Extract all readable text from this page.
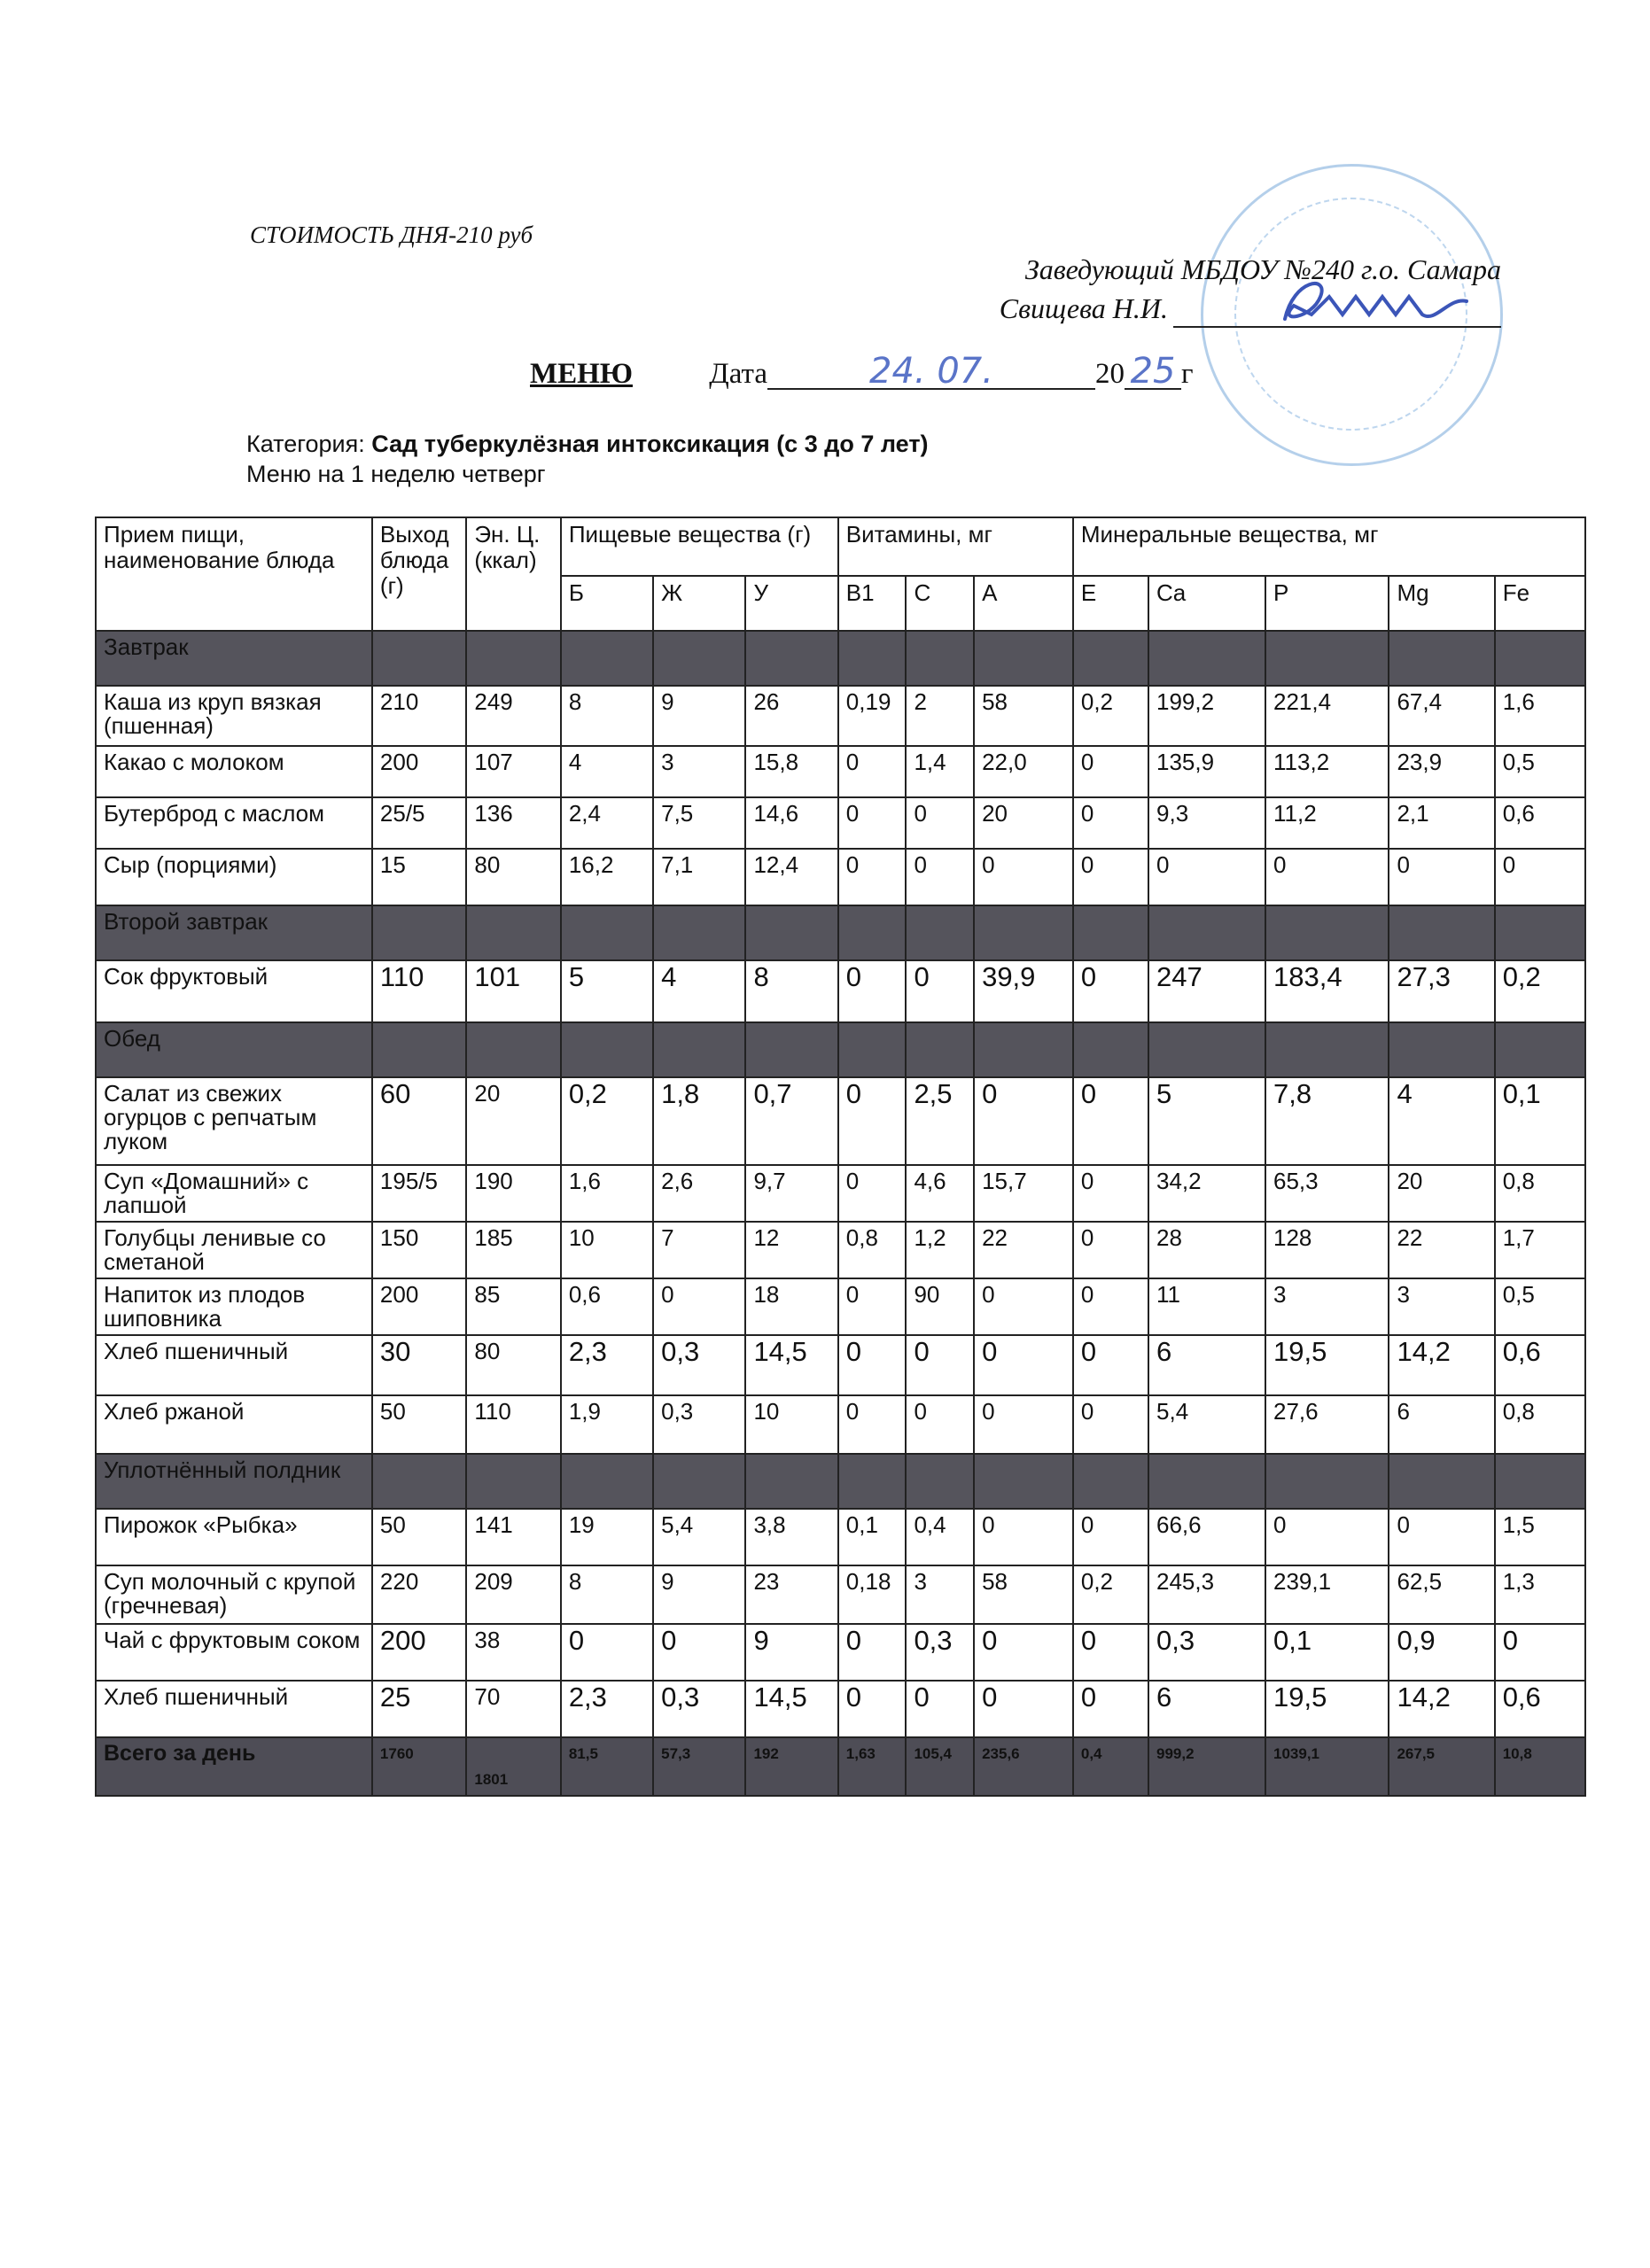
СТОИМОСТЬ ДНЯ-210 руб
Заведующий МБДОУ №240 г.о. Самара
Свищева Н.И.
МЕНЮ	Дата	24. 07.	20 25 г
Категория: Сад туберкулёзная интоксикация (с 3 до 7 лет)
Меню на 1 неделю четверг
Прием пищи, наименование блюда	Выход блюда (г)	Эн. Ц.(ккал)	Пищевые вещества (г)			Витамины, мг			Минеральные вещества, мг				
			Б	Ж	У	B1	C	A	E	Ca	P	Mg	Fe
Завтрак													
Каша из круп вязкая (пшенная)	210	249	8	9	26	0,19	2	58	0,2	199,2	221,4	67,4	1,6
Какао с молоком	200	107	4	3	15,8	0	1,4	22,0	0	135,9	113,2	23,9	0,5
Бутерброд с маслом	25/5	136	2,4	7,5	14,6	0	0	20	0	9,3	11,2	2,1	0,6
Сыр (порциями)	15	80	16,2	7,1	12,4	0	0	0	0	0	0	0	0
Второй завтрак													
Сок фруктовый	110	101	5	4	8	0	0	39,9	0	247	183,4	27,3	0,2
Обед													
Салат из свежих огурцов с репчатым луком	60	20	0,2	1,8	0,7	0	2,5	0	0	5	7,8	4	0,1
Суп «Домашний» с лапшой	195/5	190	1,6	2,6	9,7	0	4,6	15,7	0	34,2	65,3	20	0,8
Голубцы ленивые со сметаной	150	185	10	7	12	0,8	1,2	22	0	28	128	22	1,7
Напиток из плодов шиповника	200	85	0,6	0	18	0	90	0	0	11	3	3	0,5
Хлеб пшеничный	30	80	2,3	0,3	14,5	0	0	0	0	6	19,5	14,2	0,6
Хлеб ржаной	50	110	1,9	0,3	10	0	0	0	0	5,4	27,6	6	0,8
Уплотнённый полдник													
Пирожок «Рыбка»	50	141	19	5,4	3,8	0,1	0,4	0	0	66,6	0	0	1,5
Суп молочный с крупой (гречневая)	220	209	8	9	23	0,18	3	58	0,2	245,3	239,1	62,5	1,3
Чай с фруктовым соком	200	38	0	0	9	0	0,3	0	0	0,3	0,1	0,9	0
Хлеб пшеничный	25	70	2,3	0,3	14,5	0	0	0	0	6	19,5	14,2	0,6
Всего за день	1760	1801	81,5	57,3	192	1,63	105,4	235,6	0,4	999,2	1039,1	267,5	10,8
